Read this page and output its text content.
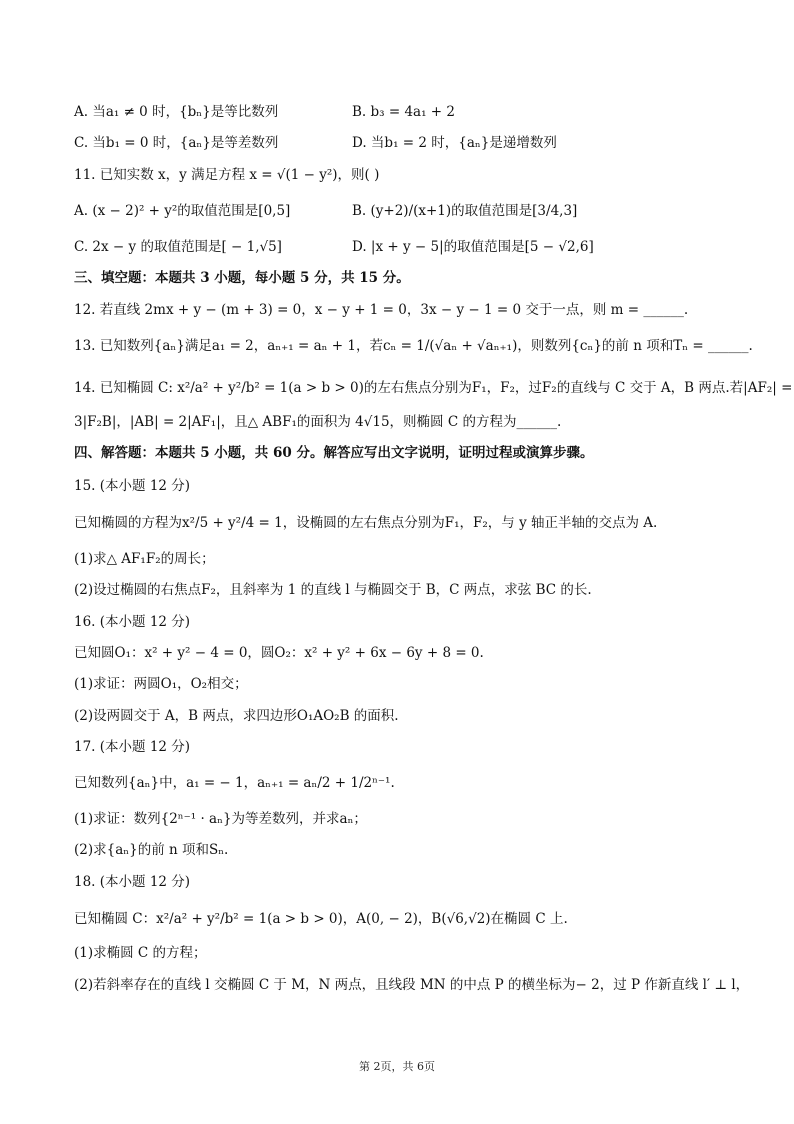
A. 当a₁ ≠ 0 时，{bₙ}是等比数列	B. b₃ = 4a₁ + 2
C. 当b₁ = 0 时，{aₙ}是等差数列	D. 当b₁ = 2 时，{aₙ}是递增数列
11. 已知实数 x，y 满足方程 x = √(1 − y²)，则( )
A. (x − 2)² + y²的取值范围是[0,5]	B. (y+2)/(x+1)的取值范围是[3/4,3]
C. 2x − y 的取值范围是[ − 1,√5]	D. |x + y − 5|的取值范围是[5 − √2,6]
三、填空题：本题共 3 小题，每小题 5 分，共 15 分。
12. 若直线 2mx + y − (m + 3) = 0，x − y + 1 = 0，3x − y − 1 = 0 交于一点，则 m = ______.
13. 已知数列{aₙ}满足a₁ = 2，aₙ₊₁ = aₙ + 1，若cₙ = 1/(√aₙ + √aₙ₊₁)，则数列{cₙ}的前 n 项和Tₙ = ______.
14. 已知椭圆 C: x²/a² + y²/b² = 1(a > b > 0)的左右焦点分别为F₁，F₂，过F₂的直线与 C 交于 A，B 两点.若|AF₂| =
3|F₂B|，|AB| = 2|AF₁|，且△ ABF₁的面积为 4√15，则椭圆 C 的方程为______.
四、解答题：本题共 5 小题，共 60 分。解答应写出文字说明，证明过程或演算步骤。
15. (本小题 12 分)
已知椭圆的方程为x²/5 + y²/4 = 1，设椭圆的左右焦点分别为F₁，F₂，与 y 轴正半轴的交点为 A.
(1)求△ AF₁F₂的周长；
(2)设过椭圆的右焦点F₂，且斜率为 1 的直线 l 与椭圆交于 B，C 两点，求弦 BC 的长.
16. (本小题 12 分)
已知圆O₁：x² + y² − 4 = 0，圆O₂：x² + y² + 6x − 6y + 8 = 0.
(1)求证：两圆O₁，O₂相交；
(2)设两圆交于 A，B 两点，求四边形O₁AO₂B 的面积.
17. (本小题 12 分)
已知数列{aₙ}中，a₁ = − 1，aₙ₊₁ = aₙ/2 + 1/2ⁿ⁻¹.
(1)求证：数列{2ⁿ⁻¹ · aₙ}为等差数列，并求aₙ；
(2)求{aₙ}的前 n 项和Sₙ.
18. (本小题 12 分)
已知椭圆 C：x²/a² + y²/b² = 1(a > b > 0)，A(0, − 2)，B(√6,√2)在椭圆 C 上.
(1)求椭圆 C 的方程；
(2)若斜率存在的直线 l 交椭圆 C 于 M，N 两点，且线段 MN 的中点 P 的横坐标为− 2，过 P 作新直线 l′ ⊥ l，
第 2页，共 6页
